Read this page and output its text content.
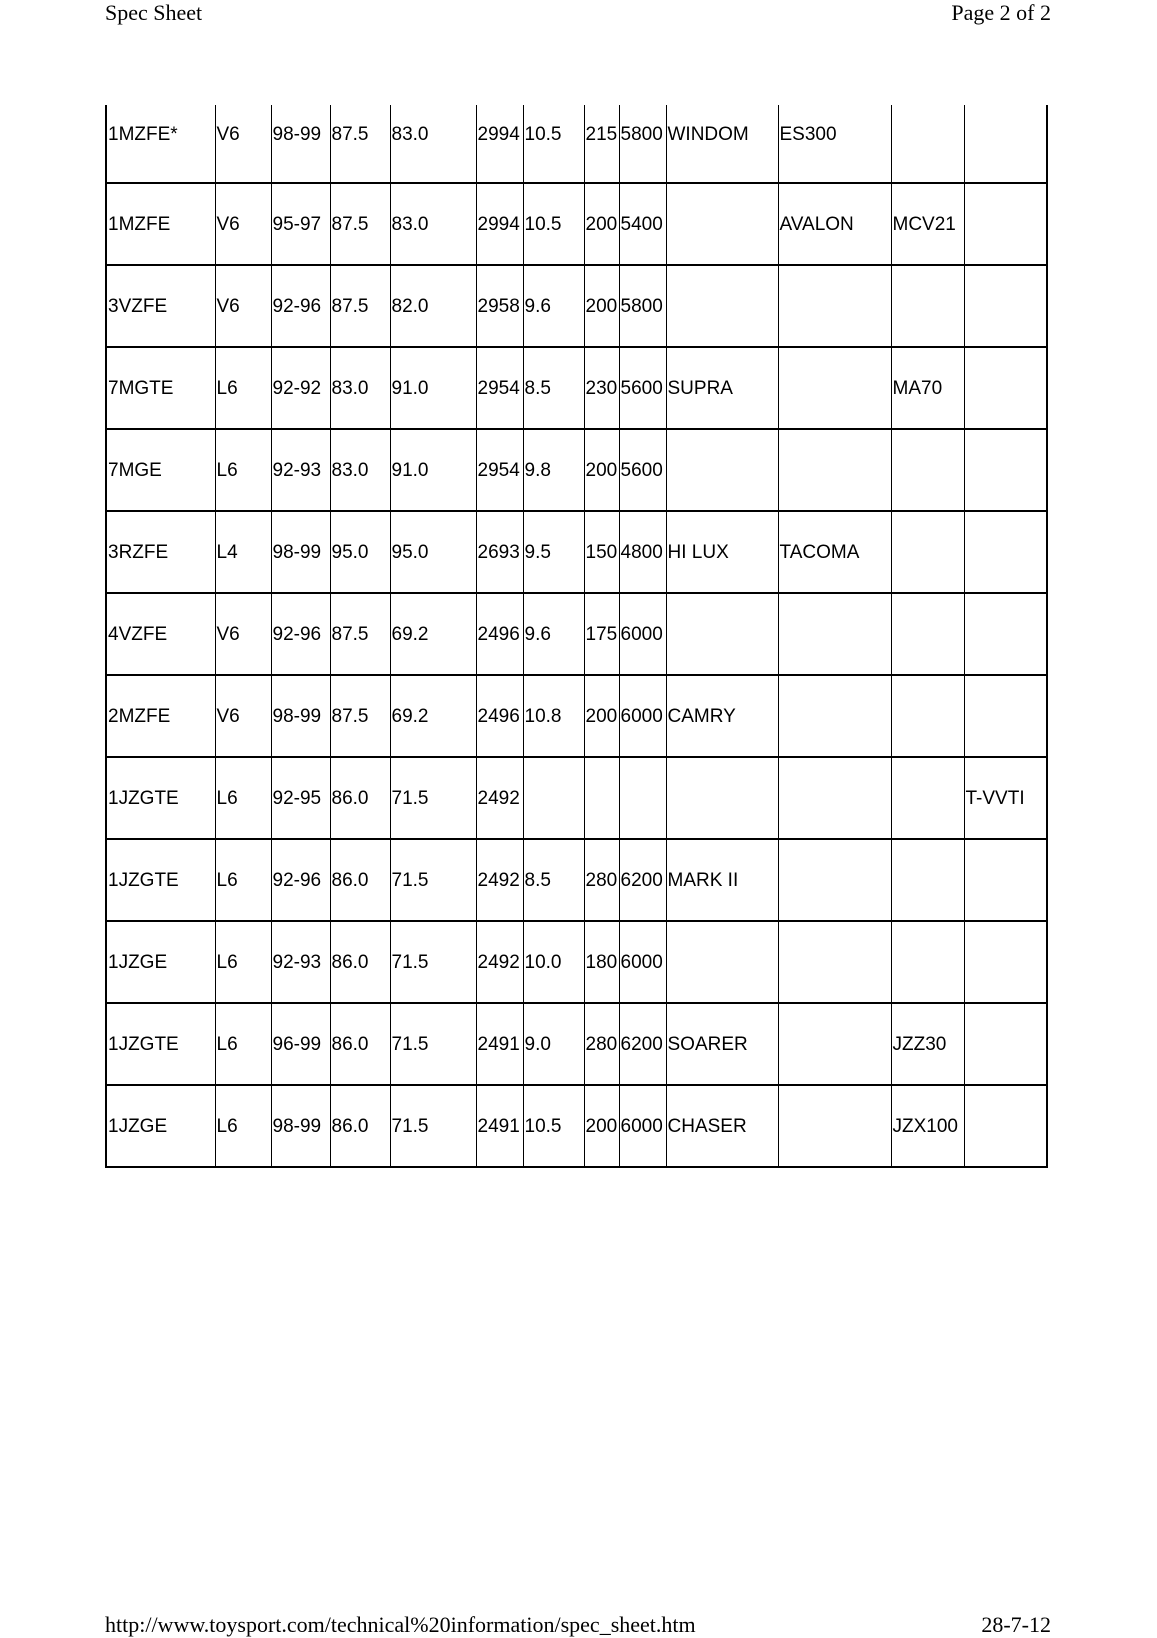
Spec Sheet	Page 2 of 2
1MZFE*	V6	98-99	87.5	83.0	2994	10.5	215	5800	WINDOM	ES300		
1MZFE	V6	95-97	87.5	83.0	2994	10.5	200	5400		AVALON	MCV21	
3VZFE	V6	92-96	87.5	82.0	2958	9.6	200	5800				
7MGTE	L6	92-92	83.0	91.0	2954	8.5	230	5600	SUPRA		MA70	
7MGE	L6	92-93	83.0	91.0	2954	9.8	200	5600				
3RZFE	L4	98-99	95.0	95.0	2693	9.5	150	4800	HI LUX	TACOMA		
4VZFE	V6	92-96	87.5	69.2	2496	9.6	175	6000				
2MZFE	V6	98-99	87.5	69.2	2496	10.8	200	6000	CAMRY			
1JZGTE	L6	92-95	86.0	71.5	2492							T-VVTI
1JZGTE	L6	92-96	86.0	71.5	2492	8.5	280	6200	MARK II			
1JZGE	L6	92-93	86.0	71.5	2492	10.0	180	6000				
1JZGTE	L6	96-99	86.0	71.5	2491	9.0	280	6200	SOARER		JZZ30	
1JZGE	L6	98-99	86.0	71.5	2491	10.5	200	6000	CHASER		JZX100	
http://www.toysport.com/technical%20information/spec_sheet.htm	28-7-12
